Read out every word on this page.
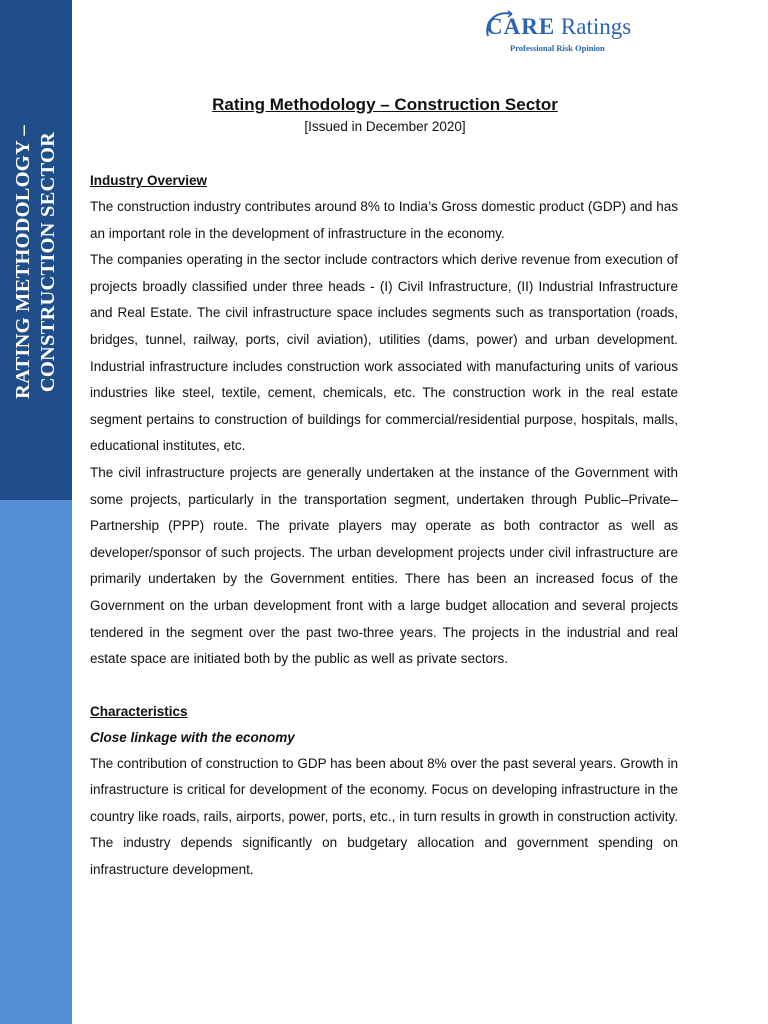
RATING METHODOLOGY – CONSTRUCTION SECTOR
CARE Ratings
Professional Risk Opinion
Rating Methodology – Construction Sector
[Issued in December 2020]
Industry Overview

The construction industry contributes around 8% to India’s Gross domestic product (GDP) and has an important role in the development of infrastructure in the economy.

The companies operating in the sector include contractors which derive revenue from execution of projects broadly classified under three heads - (I) Civil Infrastructure, (II) Industrial Infrastructure and Real Estate. The civil infrastructure space includes segments such as transportation (roads, bridges, tunnel, railway, ports, civil aviation), utilities (dams, power) and urban development. Industrial infrastructure includes construction work associated with manufacturing units of various industries like steel, textile, cement, chemicals, etc. The construction work in the real estate segment pertains to construction of buildings for commercial/residential purpose, hospitals, malls, educational institutes, etc.

The civil infrastructure projects are generally undertaken at the instance of the Government with some projects, particularly in the transportation segment, undertaken through Public–Private–Partnership (PPP) route. The private players may operate as both contractor as well as developer/sponsor of such projects. The urban development projects under civil infrastructure are primarily undertaken by the Government entities. There has been an increased focus of the Government on the urban development front with a large budget allocation and several projects tendered in the segment over the past two-three years. The projects in the industrial and real estate space are initiated both by the public as well as private sectors.

Characteristics
Close linkage with the economy

The contribution of construction to GDP has been about 8% over the past several years. Growth in infrastructure is critical for development of the economy. Focus on developing infrastructure in the country like roads, rails, airports, power, ports, etc., in turn results in growth in construction activity. The industry depends significantly on budgetary allocation and government spending on infrastructure development.
